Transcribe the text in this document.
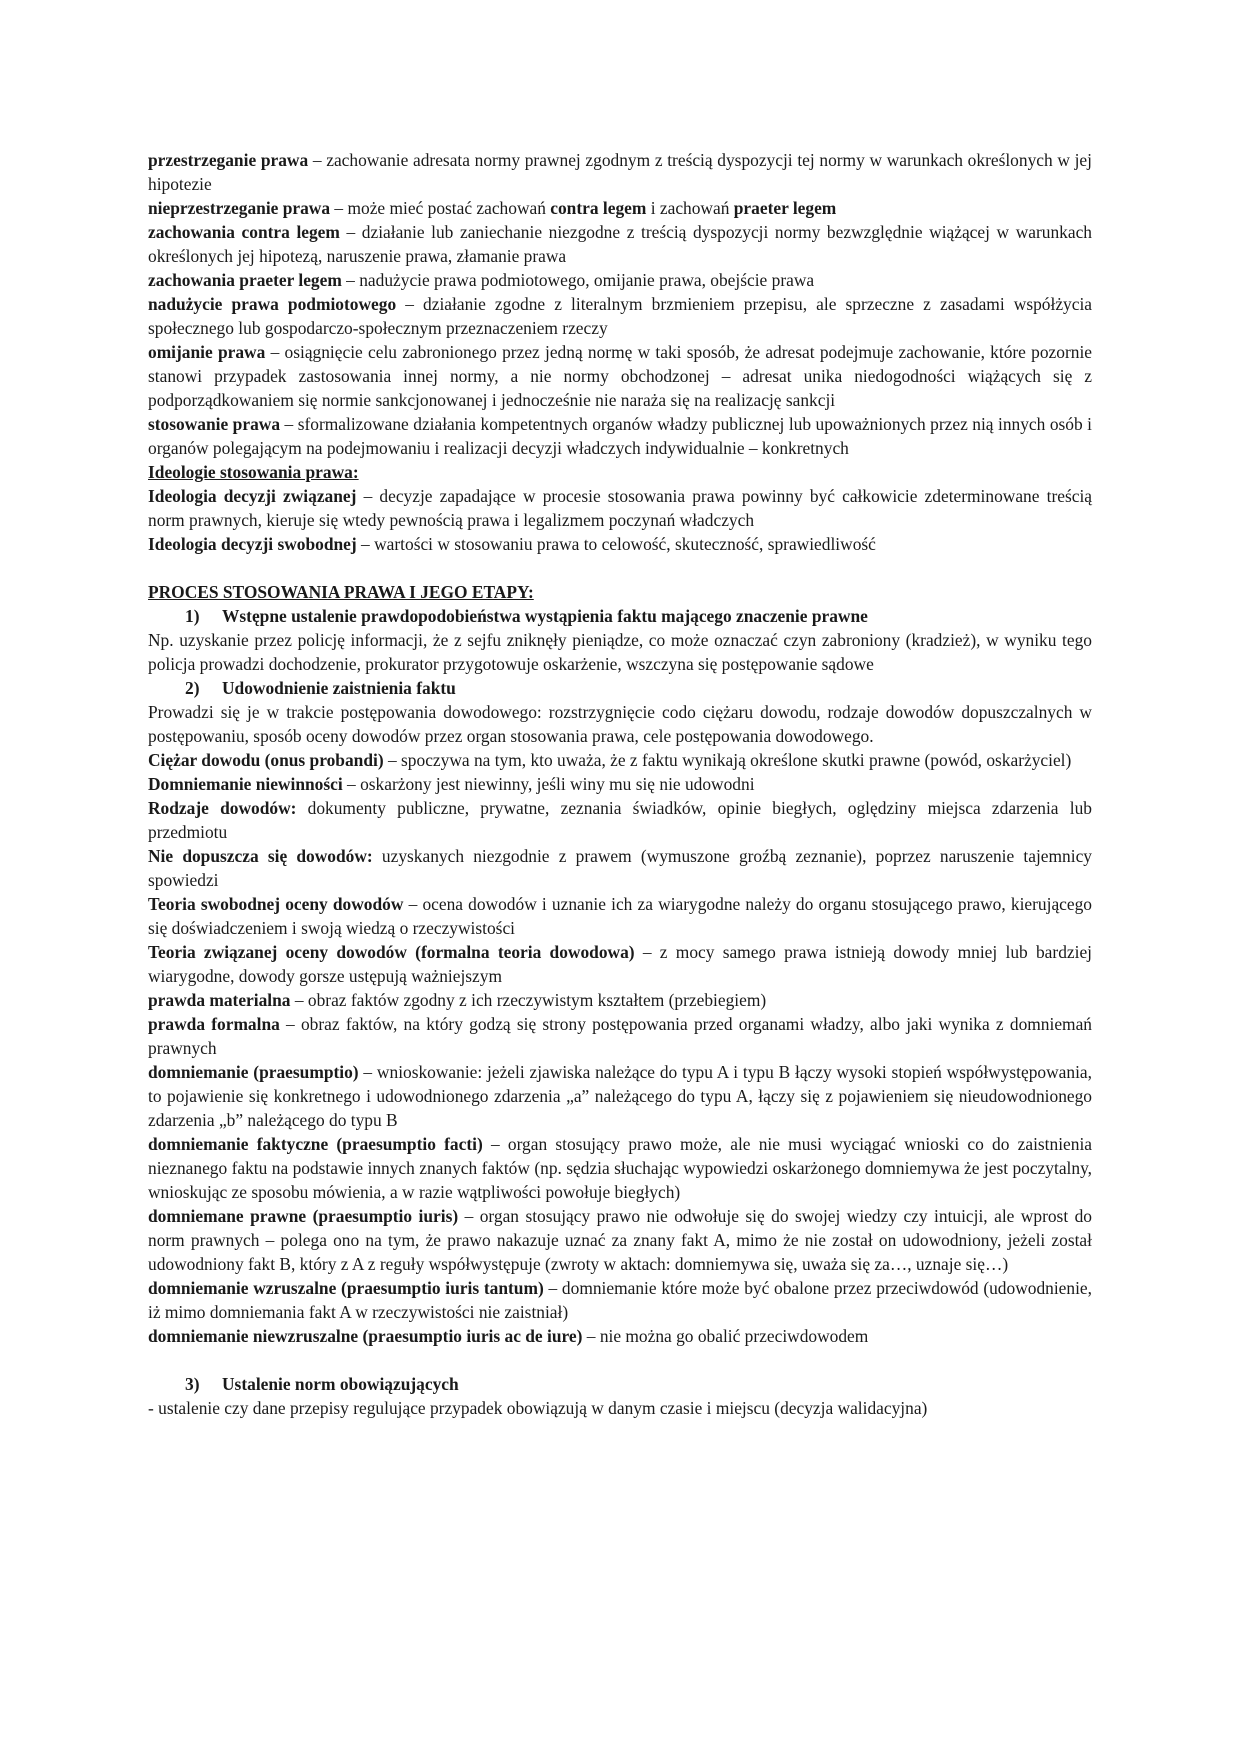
przestrzeganie prawa – zachowanie adresata normy prawnej zgodnym z treścią dyspozycji tej normy w warunkach określonych w jej hipotezie

nieprzestrzeganie prawa – może mieć postać zachowań contra legem i zachowań praeter legem

zachowania contra legem – działanie lub zaniechanie niezgodne z treścią dyspozycji normy bezwzględnie wiążącej w warunkach określonych jej hipotezą, naruszenie prawa, złamanie prawa

zachowania praeter legem – nadużycie prawa podmiotowego, omijanie prawa, obejście prawa

nadużycie prawa podmiotowego – działanie zgodne z literalnym brzmieniem przepisu, ale sprzeczne z zasadami współżycia społecznego lub gospodarczo-społecznym przeznaczeniem rzeczy

omijanie prawa – osiągnięcie celu zabronionego przez jedną normę w taki sposób, że adresat podejmuje zachowanie, które pozornie stanowi przypadek zastosowania innej normy, a nie normy obchodzonej – adresat unika niedogodności wiążących się z podporządkowaniem się normie sankcjonowanej i jednocześnie nie naraża się na realizację sankcji

stosowanie prawa – sformalizowane działania kompetentnych organów władzy publicznej lub upoważnionych przez nią innych osób i organów polegającym na podejmowaniu i realizacji decyzji władczych indywidualnie – konkretnych

Ideologie stosowania prawa:

Ideologia decyzji związanej – decyzje zapadające w procesie stosowania prawa powinny być całkowicie zdeterminowane treścią norm prawnych, kieruje się wtedy pewnością prawa i legalizmem poczynań władczych

Ideologia decyzji swobodnej – wartości w stosowaniu prawa to celowość, skuteczność, sprawiedliwość

PROCES STOSOWANIA PRAWA I JEGO ETAPY:

1) Wstępne ustalenie prawdopodobieństwa wystąpienia faktu mającego znaczenie prawne

Np. uzyskanie przez policję informacji, że z sejfu zniknęły pieniądze, co może oznaczać czyn zabroniony (kradzież), w wyniku tego policja prowadzi dochodzenie, prokurator przygotowuje oskarżenie, wszczyna się postępowanie sądowe

2) Udowodnienie zaistnienia faktu

Prowadzi się je w trakcie postępowania dowodowego: rozstrzygnięcie codo ciężaru dowodu, rodzaje dowodów dopuszczalnych w postępowaniu, sposób oceny dowodów przez organ stosowania prawa, cele postępowania dowodowego.

Ciężar dowodu (onus probandi) – spoczywa na tym, kto uważa, że z faktu wynikają określone skutki prawne (powód, oskarżyciel)

Domniemanie niewinności – oskarżony jest niewinny, jeśli winy mu się nie udowodni

Rodzaje dowodów: dokumenty publiczne, prywatne, zeznania świadków, opinie biegłych, oględziny miejsca zdarzenia lub przedmiotu

Nie dopuszcza się dowodów: uzyskanych niezgodnie z prawem (wymuszone groźbą zeznanie), poprzez naruszenie tajemnicy spowiedzi

Teoria swobodnej oceny dowodów – ocena dowodów i uznanie ich za wiarygodne należy do organu stosującego prawo, kierującego się doświadczeniem i swoją wiedzą o rzeczywistości

Teoria związanej oceny dowodów (formalna teoria dowodowa) – z mocy samego prawa istnieją dowody mniej lub bardziej wiarygodne, dowody gorsze ustępują ważniejszym

prawda materialna – obraz faktów zgodny z ich rzeczywistym kształtem (przebiegiem)

prawda formalna – obraz faktów, na który godzą się strony postępowania przed organami władzy, albo jaki wynika z domniemań prawnych

domniemanie (praesumptio) – wnioskowanie: jeżeli zjawiska należące do typu A i typu B łączy wysoki stopień współwystępowania, to pojawienie się konkretnego i udowodnionego zdarzenia „a” należącego do typu A, łączy się z pojawieniem się nieudowodnionego zdarzenia „b” należącego do typu B

domniemanie faktyczne (praesumptio facti) – organ stosujący prawo może, ale nie musi wyciągać wnioski co do zaistnienia nieznanego faktu na podstawie innych znanych faktów (np. sędzia słuchając wypowiedzi oskarżonego domniemywa że jest poczytalny, wnioskując ze sposobu mówienia, a w razie wątpliwości powołuje biegłych)

domniemane prawne (praesumptio iuris) – organ stosujący prawo nie odwołuje się do swojej wiedzy czy intuicji, ale wprost do norm prawnych – polega ono na tym, że prawo nakazuje uznać za znany fakt A, mimo że nie został on udowodniony, jeżeli został udowodniony fakt B, który z A z reguły współwystępuje (zwroty w aktach: domniemywa się, uważa się za…, uznaje się…)

domniemanie wzruszalne (praesumptio iuris tantum) – domniemanie które może być obalone przez przeciwdowód (udowodnienie, iż mimo domniemania fakt A w rzeczywistości nie zaistniał)

domniemanie niewzruszalne (praesumptio iuris ac de iure) – nie można go obalić przeciwdowodem

3) Ustalenie norm obowiązujących

- ustalenie czy dane przepisy regulujące przypadek obowiązują w danym czasie i miejscu (decyzja walidacyjna)
